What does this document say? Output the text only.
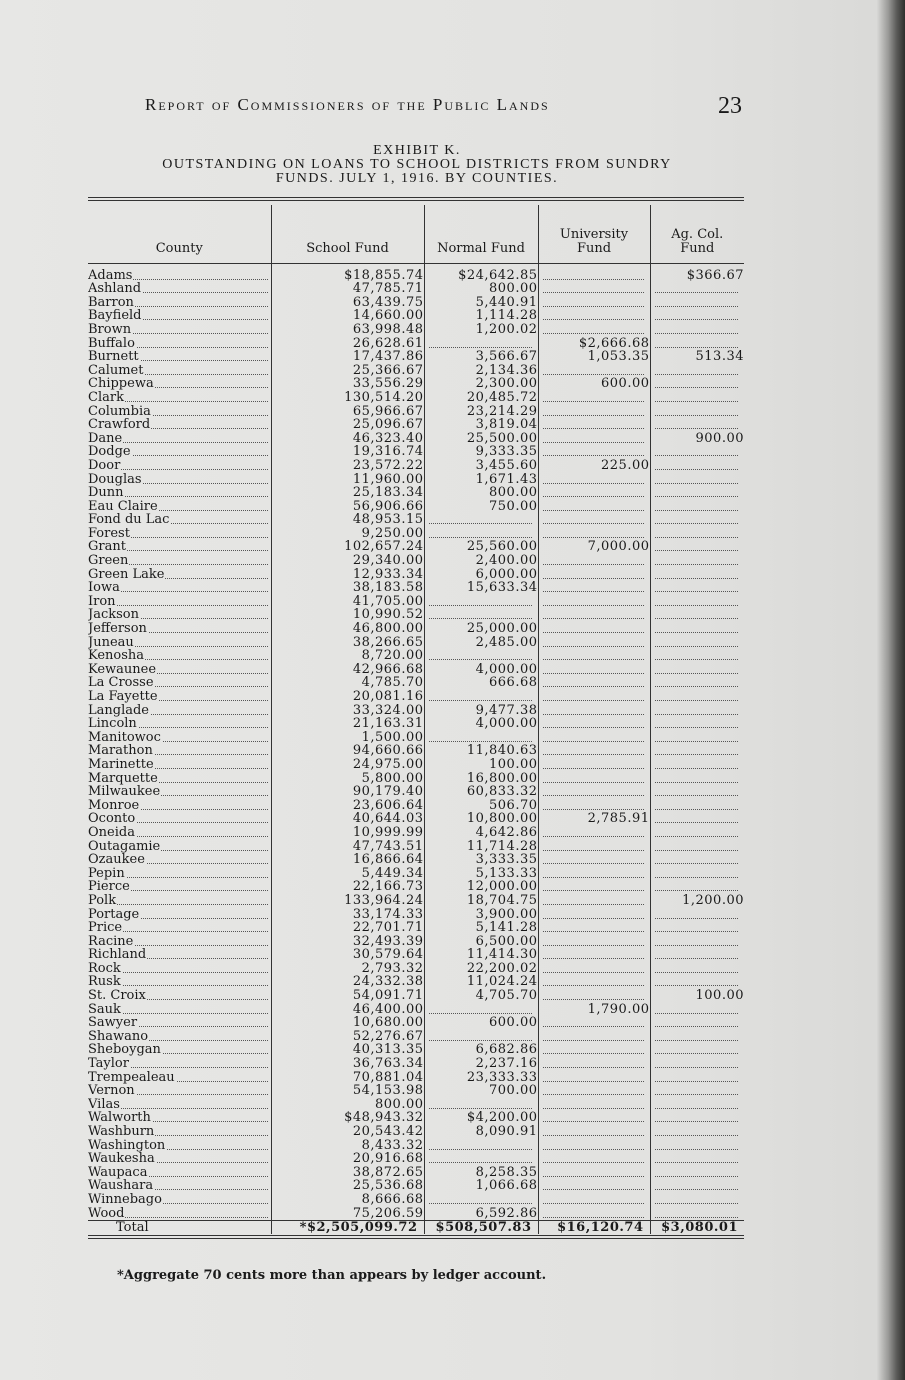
Report of Commissioners of the Public Lands	23
EXHIBIT K.
OUTSTANDING ON LOANS TO SCHOOL DISTRICTS FROM SUNDRY
FUNDS. JULY 1, 1916. BY COUNTIES.
County	School Fund	Normal Fund	University Fund	Ag. Col. Fund

Adams	$18,855.74	$24,642.85		$366.67

Ashland	47,785.71	800.00	

Barron	63,439.75	5,440.91	

Bayfield	14,660.00	1,114.28	

Brown	63,998.48	1,200.02	

Buffalo	26,628.61		$2,666.68	

Burnett	17,437.86	3,566.67	1,053.35	513.34

Calumet	25,366.67	2,134.36	

Chippewa	33,556.29	2,300.00	600.00	

Clark	130,514.20	20,485.72	

Columbia	65,966.67	23,214.29	

Crawford	25,096.67	3,819.04	

Dane	46,323.40	25,500.00		900.00

Dodge	19,316.74	9,333.35	

Door	23,572.22	3,455.60	225.00	

Douglas	11,960.00	1,671.43	

Dunn	25,183.34	800.00	

Eau Claire	56,906.66	750.00	

Fond du Lac	48,953.15	

Forest	9,250.00	

Grant	102,657.24	25,560.00	7,000.00	

Green	29,340.00	2,400.00	

Green Lake	12,933.34	6,000.00	

Iowa	38,183.58	15,633.34	

Iron	41,705.00	

Jackson	10,990.52	

Jefferson	46,800.00	25,000.00	

Juneau	38,266.65	2,485.00	

Kenosha	8,720.00	

Kewaunee	42,966.68	4,000.00	

La Crosse	4,785.70	666.68	

La Fayette	20,081.16	

Langlade	33,324.00	9,477.38	

Lincoln	21,163.31	4,000.00	

Manitowoc	1,500.00	

Marathon	94,660.66	11,840.63	

Marinette	24,975.00	100.00	

Marquette	5,800.00	16,800.00	

Milwaukee	90,179.40	60,833.32	

Monroe	23,606.64	506.70	

Oconto	40,644.03	10,800.00	2,785.91	

Oneida	10,999.99	4,642.86	

Outagamie	47,743.51	11,714.28	

Ozaukee	16,866.64	3,333.35	

Pepin	5,449.34	5,133.33	

Pierce	22,166.73	12,000.00	

Polk	133,964.24	18,704.75		1,200.00

Portage	33,174.33	3,900.00	

Price	22,701.71	5,141.28	

Racine	32,493.39	6,500.00	

Richland	30,579.64	11,414.30	

Rock	2,793.32	22,200.02	

Rusk	24,332.38	11,024.24	

St. Croix	54,091.71	4,705.70		100.00

Sauk	46,400.00		1,790.00	

Sawyer	10,680.00	600.00	

Shawano	52,276.67	

Sheboygan	40,313.35	6,682.86	

Taylor	36,763.34	2,237.16	

Trempealeau	70,881.04	23,333.33	

Vernon	54,153.98	700.00	

Vilas	800.00	

Walworth	$48,943.32	$4,200.00	

Washburn	20,543.42	8,090.91	

Washington	8,433.32	

Waukesha	20,916.68	

Waupaca	38,872.65	8,258.35	

Waushara	25,536.68	1,066.68	

Winnebago	8,666.68	

Wood	75,206.59	6,592.86	

Total	*$2,505,099.72	$508,507.83	$16,120.74	$3,080.01
*Aggregate 70 cents more than appears by ledger account.
